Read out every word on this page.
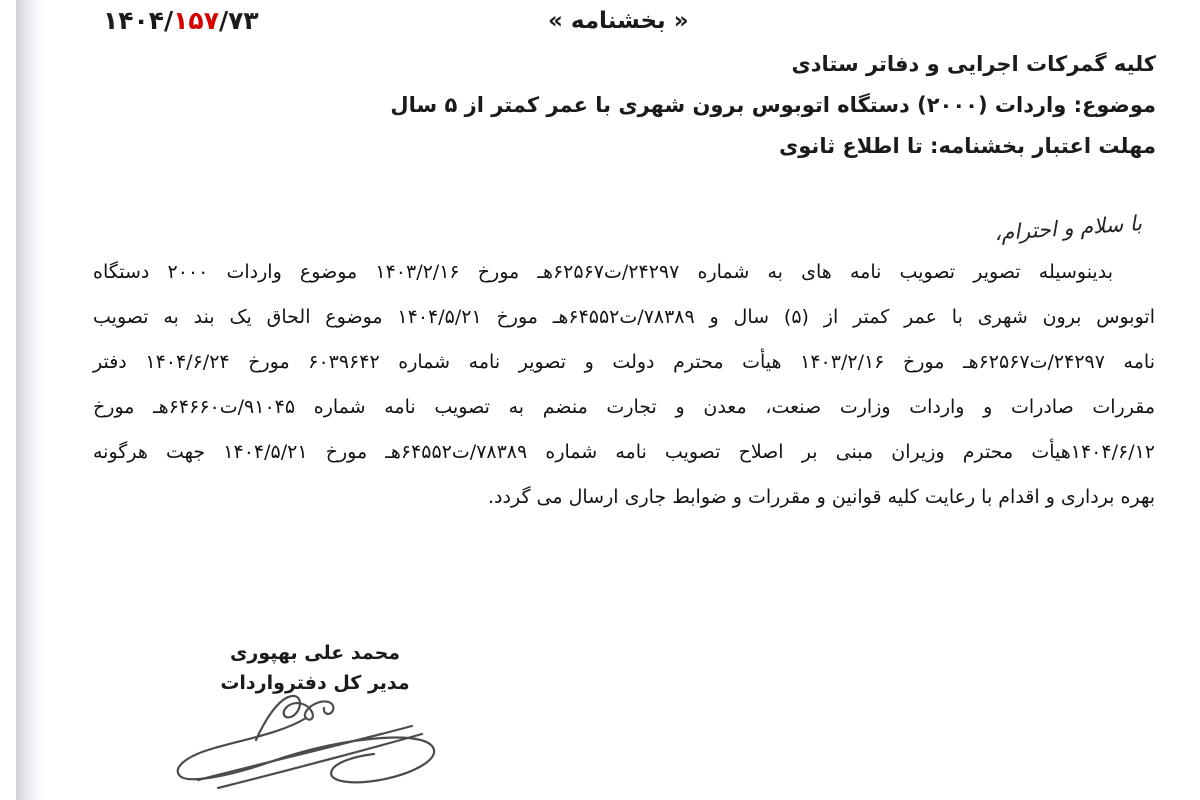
۱۴۰۴/۱۵۷/۷۳	« بخشنامه »
کلیه گمرکات اجرایی و دفاتر ستادی
موضوع: واردات (۲۰۰۰) دستگاه اتوبوس برون شهری با عمر کمتر از ۵ سال
مهلت اعتبار بخشنامه: تا اطلاع ثانوی
با سلام و احترام،
بدینوسیله تصویر تصویب نامه های به شماره ۲۴۲۹۷/ت۶۲۵۶۷هـ مورخ ۱۴۰۳/۲/۱۶ موضوع واردات ۲۰۰۰ دستگاه
اتوبوس برون شهری با عمر کمتر از (۵) سال و ۷۸۳۸۹/ت۶۴۵۵۲هـ مورخ ۱۴۰۴/۵/۲۱ موضوع الحاق یک بند به تصویب
نامه ۲۴۲۹۷/ت۶۲۵۶۷هـ مورخ ۱۴۰۳/۲/۱۶ هیأت محترم دولت و تصویر نامه شماره ۶۰۳۹۶۴۲ مورخ ۱۴۰۴/۶/۲۴ دفتر
مقررات صادرات و واردات وزارت صنعت، معدن و تجارت منضم به تصویب نامه شماره ۹۱۰۴۵/ت۶۴۶۶۰هـ مورخ
۱۴۰۴/۶/۱۲هیأت محترم وزیران مبنی بر اصلاح تصویب نامه شماره ۷۸۳۸۹/ت۶۴۵۵۲هـ مورخ ۱۴۰۴/۵/۲۱ جهت هرگونه
بهره برداری و اقدام با رعایت کلیه قوانین و مقررات و ضوابط جاری ارسال می گردد.
محمد علی بهپوری
مدیر کل دفترواردات
